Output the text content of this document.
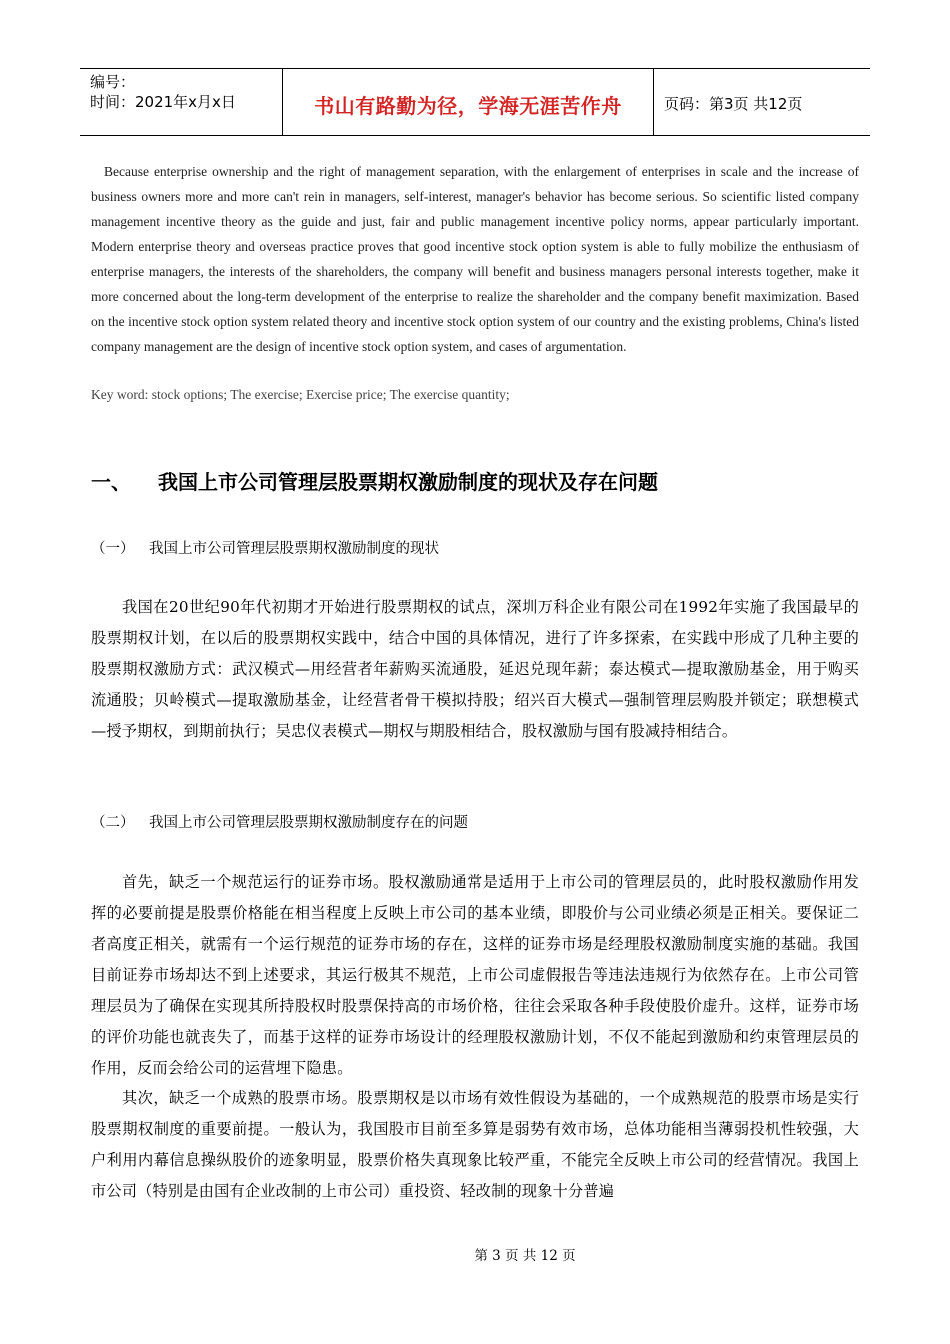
编号：
时间：2021年x月x日	书山有路勤为径，学海无涯苦作舟	页码：第3页 共12页
Because enterprise ownership and the right of management separation, with the enlargement of enterprises in scale and the increase of business owners more and more can't rein in managers, self-interest, manager's behavior has become serious. So scientific listed company management incentive theory as the guide and just, fair and public management incentive policy norms, appear particularly important. Modern enterprise theory and overseas practice proves that good incentive stock option system is able to fully mobilize the enthusiasm of enterprise managers, the interests of the shareholders, the company will benefit and business managers personal interests together, make it more concerned about the long-term development of the enterprise to realize the shareholder and the company benefit maximization. Based on the incentive stock option system related theory and incentive stock option system of our country and the existing problems, China's listed company management are the design of incentive stock option system, and cases of argumentation.
Key word: stock options; The exercise; Exercise price; The exercise quantity;
一、 我国上市公司管理层股票期权激励制度的现状及存在问题
（一） 我国上市公司管理层股票期权激励制度的现状
我国在20世纪90年代初期才开始进行股票期权的试点，深圳万科企业有限公司在1992年实施了我国最早的股票期权计划，在以后的股票期权实践中，结合中国的具体情况，进行了许多探索，在实践中形成了几种主要的股票期权激励方式：武汉模式—用经营者年薪购买流通股，延迟兑现年薪；泰达模式—提取激励基金，用于购买流通股；贝岭模式—提取激励基金，让经营者骨干模拟持股；绍兴百大模式—强制管理层购股并锁定；联想模式—授予期权，到期前执行；吴忠仪表模式—期权与期股相结合，股权激励与国有股减持相结合。
（二） 我国上市公司管理层股票期权激励制度存在的问题
首先，缺乏一个规范运行的证券市场。股权激励通常是适用于上市公司的管理层员的，此时股权激励作用发挥的必要前提是股票价格能在相当程度上反映上市公司的基本业绩，即股价与公司业绩必须是正相关。要保证二者高度正相关，就需有一个运行规范的证券市场的存在，这样的证券市场是经理股权激励制度实施的基础。我国目前证券市场却达不到上述要求，其运行极其不规范，上市公司虚假报告等违法违规行为依然存在。上市公司管理层员为了确保在实现其所持股权时股票保持高的市场价格，往往会采取各种手段使股价虚升。这样，证券市场的评价功能也就丧失了，而基于这样的证券市场设计的经理股权激励计划，不仅不能起到激励和约束管理层员的作用，反而会给公司的运营埋下隐患。
其次，缺乏一个成熟的股票市场。股票期权是以市场有效性假设为基础的，一个成熟规范的股票市场是实行股票期权制度的重要前提。一般认为，我国股市目前至多算是弱势有效市场，总体功能相当薄弱投机性较强，大户利用内幕信息操纵股价的迹象明显，股票价格失真现象比较严重，不能完全反映上市公司的经营情况。我国上市公司（特别是由国有企业改制的上市公司）重投资、轻改制的现象十分普遍
第 3 页 共 12 页
